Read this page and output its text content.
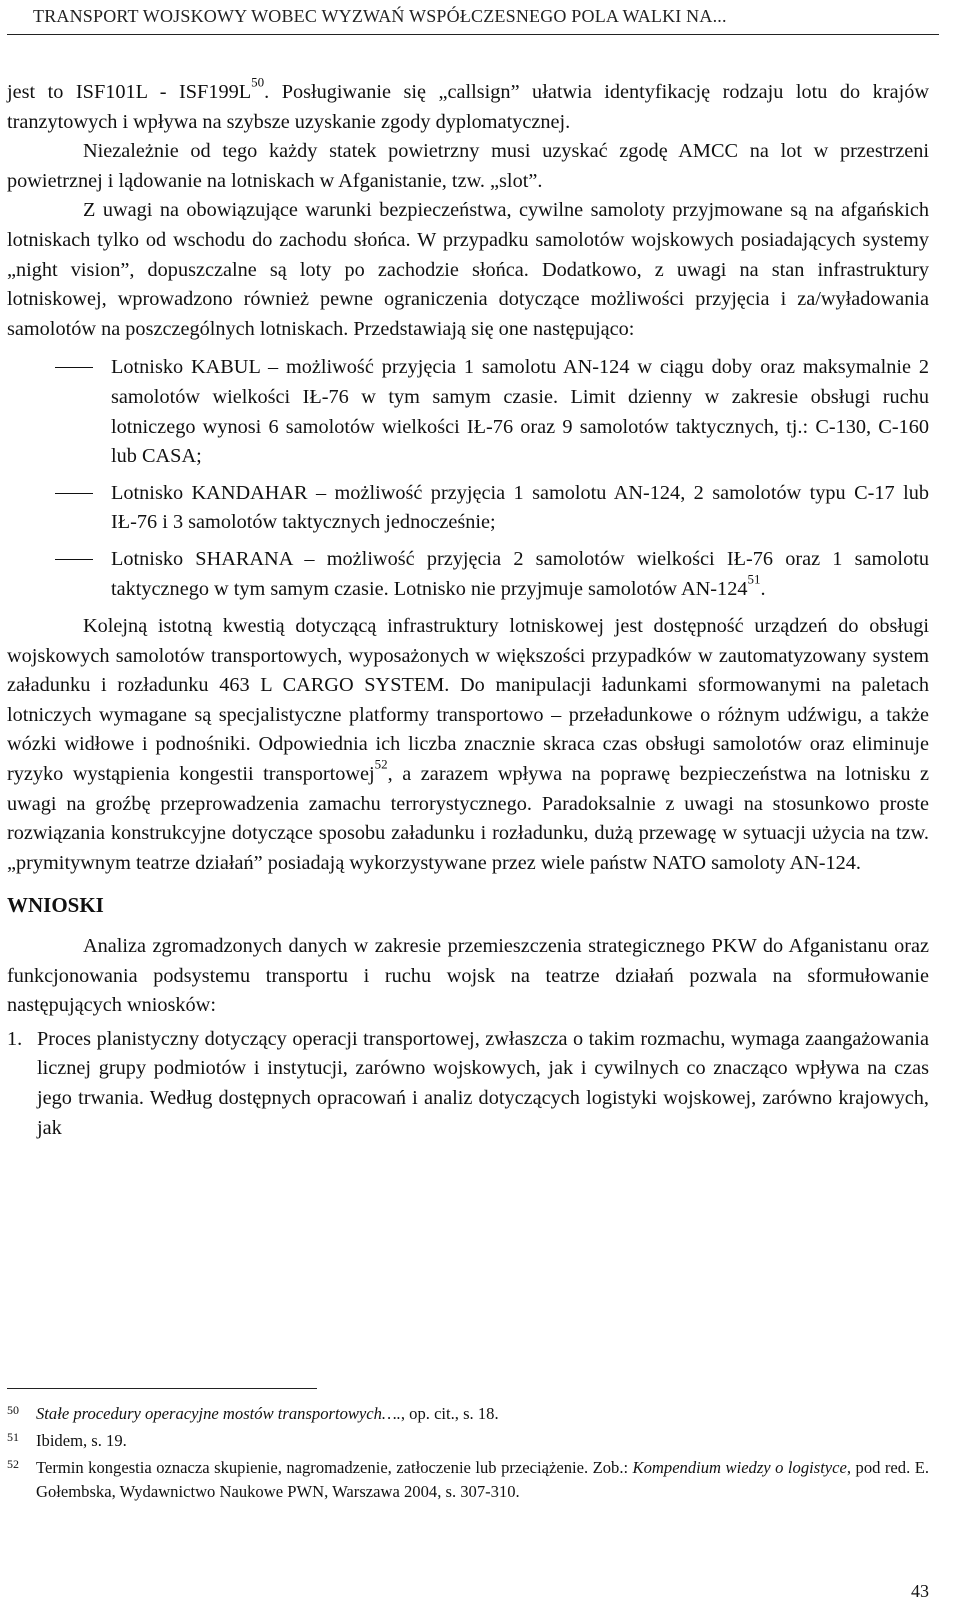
TRANSPORT WOJSKOWY WOBEC WYZWAŃ WSPÓŁCZESNEGO POLA WALKI NA...

jest to $ISF101L - ISF199L^{50}$. Posługiwanie się „callsign” ułatwia identyfikację rodzaju lotu do krajów tranzytowych i wpływa na szybsze uzyskanie zgody dyplomatycznej.

Niezależnie od tego każdy statek powietrzny musi uzyskać zgodę AMCC na lot w przestrzeni powietrznej i lądowanie na lotniskach w Afganistanie, tzw. „slot”.

Z uwagi na obowiązujące warunki bezpieczeństwa, cywilne samoloty przyjmowane są na afgańskich lotniskach tylko od wschodu do zachodu słońca. W przypadku samolotów wojskowych posiadających systemy „night vision”, dopuszczalne są loty po zachodzie słońca. Dodatkowo, z uwagi na stan infrastruktury lotniskowej, wprowadzono również pewne ograniczenia dotyczące możliwości przyjęcia i za/wyładowania samolotów na poszczególnych lotniskach. Przedstawiają się one następująco:

Lotnisko KABUL – możliwość przyjęcia 1 samolotu AN-124 w ciągu doby oraz maksymalnie 2 samolotów wielkości IŁ-76 w tym samym czasie. Limit dzienny w zakresie obsługi ruchu lotniczego wynosi 6 samolotów wielkości IŁ-76 oraz 9 samolotów taktycznych, tj.: C-130, C-160 lub CASA;
Lotnisko KANDAHAR – możliwość przyjęcia 1 samolotu AN-124, 2 samolotów typu C-17 lub IŁ-76 i 3 samolotów taktycznych jednocześnie;
Lotnisko SHARANA – możliwość przyjęcia 2 samolotów wielkości IŁ-76 oraz 1 samolotu taktycznego w tym samym czasie. Lotnisko nie przyjmuje samolotów $AN-124^{51}$.

Kolejną istotną kwestią dotyczącą infrastruktury lotniskowej jest dostępność urządzeń do obsługi wojskowych samolotów transportowych, wyposażonych w większości przypadków w zautomatyzowany system załadunku i rozładunku 463 L CARGO SYSTEM. Do manipulacji ładunkami sformowanymi na paletach lotniczych wymagane są specjalistyczne platformy transportowo – przeładunkowe o różnym udźwigu, a także wózki widłowe i podnośniki. Odpowiednia ich liczba znacznie skraca czas obsługi samolotów oraz eliminuje ryzyko wystąpienia kongestii transportowej$^{52}$, a zarazem wpływa na poprawę bezpieczeństwa na lotnisku z uwagi na groźbę przeprowadzenia zamachu terrorystycznego. Paradoksalnie z uwagi na stosunkowo proste rozwiązania konstrukcyjne dotyczące sposobu załadunku i rozładunku, dużą przewagę w sytuacji użycia na tzw. „prymitywnym teatrze działań” posiadają wykorzystywane przez wiele państw NATO samoloty AN-124.

WNIOSKI

Analiza zgromadzonych danych w zakresie przemieszczenia strategicznego PKW do Afganistanu oraz funkcjonowania podsystemu transportu i ruchu wojsk na teatrze działań pozwala na sformułowanie następujących wniosków:

1. Proces planistyczny dotyczący operacji transportowej, zwłaszcza o takim rozmachu, wymaga zaangażowania licznej grupy podmiotów i instytucji, zarówno wojskowych, jak i cywilnych co znacząco wpływa na czas jego trwania. Według dostępnych opracowań i analiz dotyczących logistyki wojskowej, zarówno krajowych, jak
50 Stałe procedury operacyjne mostów transportowych…., op. cit., s. 18.
51 Ibidem, s. 19.
52 Termin kongestia oznacza skupienie, nagromadzenie, zatłoczenie lub przeciążenie. Zob.: Kompendium wiedzy o logistyce, pod red. E. Gołembska, Wydawnictwo Naukowe PWN, Warszawa 2004, s. 307-310.
43
